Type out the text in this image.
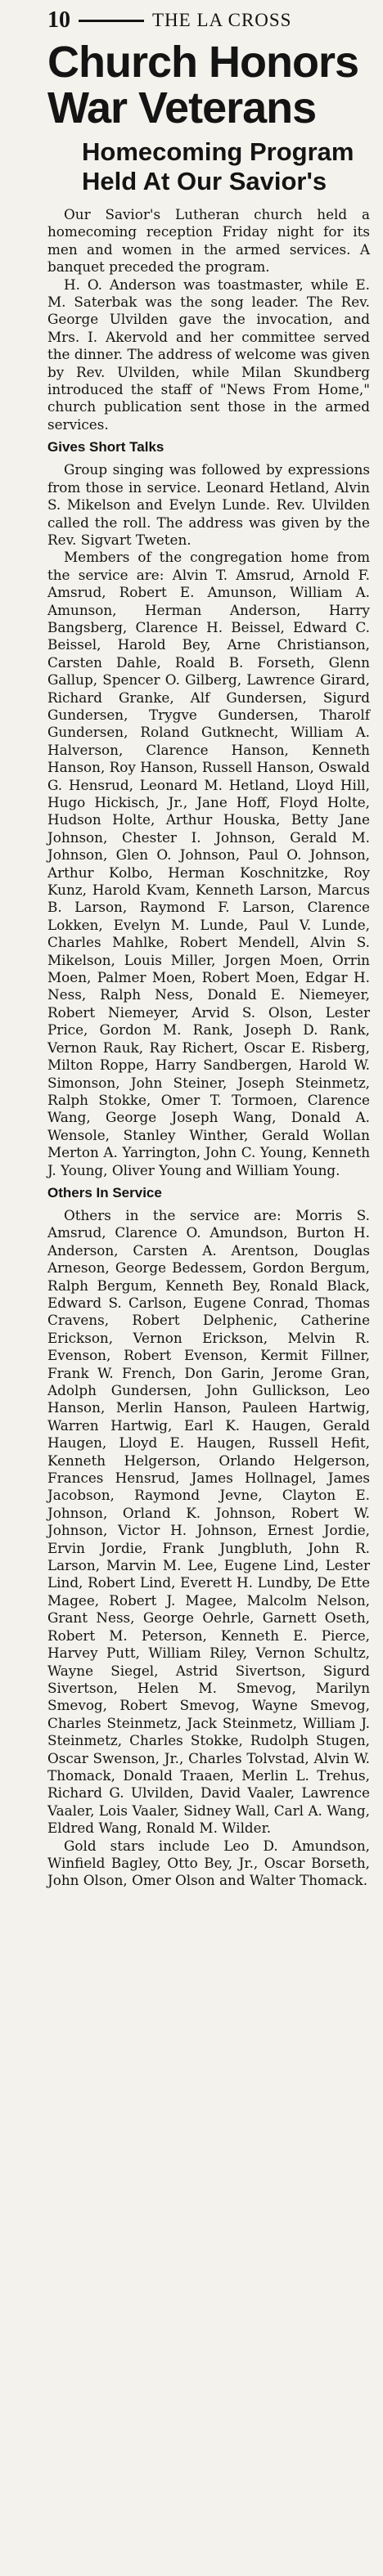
10	THE LA CROSS
Church Honors
War Veterans
Homecoming Program
Held At Our Savior's

Our Savior's Lutheran church held a homecoming reception Friday night for its men and women in the armed services. A banquet preceded the program.

H. O. Anderson was toastmaster, while E. M. Saterbak was the song leader. The Rev. George Ulvilden gave the invocation, and Mrs. I. Akervold and her committee served the dinner. The address of welcome was given by Rev. Ulvilden, while Milan Skundberg introduced the staff of "News From Home," church publication sent those in the armed services.

Gives Short Talks

Group singing was followed by expressions from those in service. Leonard Hetland, Alvin S. Mikelson and Evelyn Lunde. Rev. Ulvilden called the roll. The address was given by the Rev. Sigvart Tweten.

Members of the congregation home from the service are: Alvin T. Amsrud, Arnold F. Amsrud, Robert E. Amunson, William A. Amunson, Herman Anderson, Harry Bangsberg, Clarence H. Beissel, Edward C. Beissel, Harold Bey, Arne Christianson, Carsten Dahle, Roald B. Forseth, Glenn Gallup, Spencer O. Gilberg, Lawrence Girard, Richard Granke, Alf Gundersen, Sigurd Gundersen, Trygve Gundersen, Tharolf Gundersen, Roland Gutknecht, William A. Halverson, Clarence Hanson, Kenneth Hanson, Roy Hanson, Russell Hanson, Oswald G. Hensrud, Leonard M. Hetland, Lloyd Hill, Hugo Hickisch, Jr., Jane Hoff, Floyd Holte, Hudson Holte, Arthur Houska, Betty Jane Johnson, Chester I. Johnson, Gerald M. Johnson, Glen O. Johnson, Paul O. Johnson, Arthur Kolbo, Herman Koschnitzke, Roy Kunz, Harold Kvam, Kenneth Larson, Marcus B. Larson, Raymond F. Larson, Clarence Lokken, Evelyn M. Lunde, Paul V. Lunde, Charles Mahlke, Robert Mendell, Alvin S. Mikelson, Louis Miller, Jorgen Moen, Orrin Moen, Palmer Moen, Robert Moen, Edgar H. Ness, Ralph Ness, Donald E. Niemeyer, Robert Niemeyer, Arvid S. Olson, Lester Price, Gordon M. Rank, Joseph D. Rank, Vernon Rauk, Ray Richert, Oscar E. Risberg, Milton Roppe, Harry Sandbergen, Harold W. Simonson, John Steiner, Joseph Steinmetz, Ralph Stokke, Omer T. Tormoen, Clarence Wang, George Joseph Wang, Donald A. Wensole, Stanley Winther, Gerald Wollan Merton A. Yarrington, John C. Young, Kenneth J. Young, Oliver Young and William Young.

Others In Service

Others in the service are: Morris S. Amsrud, Clarence O. Amundson, Burton H. Anderson, Carsten A. Arentson, Douglas Arneson, George Bedessem, Gordon Bergum, Ralph Bergum, Kenneth Bey, Ronald Black, Edward S. Carlson, Eugene Conrad, Thomas Cravens, Robert Delphenic, Catherine Erickson, Vernon Erickson, Melvin R. Evenson, Robert Evenson, Kermit Fillner, Frank W. French, Don Garin, Jerome Gran, Adolph Gundersen, John Gullickson, Leo Hanson, Merlin Hanson, Pauleen Hartwig, Warren Hartwig, Earl K. Haugen, Gerald Haugen, Lloyd E. Haugen, Russell Hefit, Kenneth Helgerson, Orlando Helgerson, Frances Hensrud, James Hollnagel, James Jacobson, Raymond Jevne, Clayton E. Johnson, Orland K. Johnson, Robert W. Johnson, Victor H. Johnson, Ernest Jordie, Ervin Jordie, Frank Jungbluth, John R. Larson, Marvin M. Lee, Eugene Lind, Lester Lind, Robert Lind, Everett H. Lundby, De Ette Magee, Robert J. Magee, Malcolm Nelson, Grant Ness, George Oehrle, Garnett Oseth, Robert M. Peterson, Kenneth E. Pierce, Harvey Putt, William Riley, Vernon Schultz, Wayne Siegel, Astrid Sivertson, Sigurd Sivertson, Helen M. Smevog, Marilyn Smevog, Robert Smevog, Wayne Smevog, Charles Steinmetz, Jack Steinmetz, William J. Steinmetz, Charles Stokke, Rudolph Stugen, Oscar Swenson, Jr., Charles Tolvstad, Alvin W. Thomack, Donald Traaen, Merlin L. Trehus, Richard G. Ulvilden, David Vaaler, Lawrence Vaaler, Lois Vaaler, Sidney Wall, Carl A. Wang, Eldred Wang, Ronald M. Wilder.

Gold stars include Leo D. Amundson, Winfield Bagley, Otto Bey, Jr., Oscar Borseth, John Olson, Omer Olson and Walter Thomack.
